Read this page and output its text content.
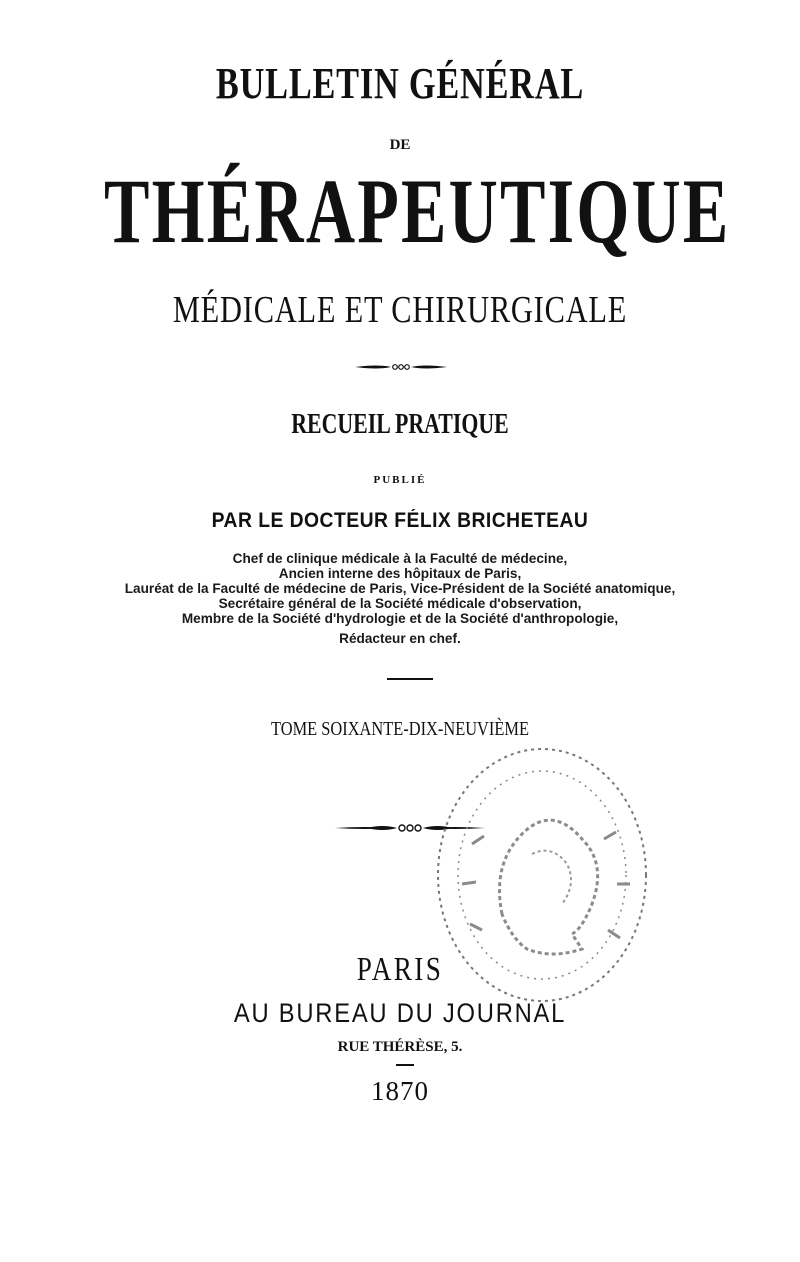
BULLETIN GÉNÉRAL
DE
THÉRAPEUTIQUE
MÉDICALE ET CHIRURGICALE
RECUEIL PRATIQUE
PUBLIÉ
PAR LE DOCTEUR FÉLIX BRICHETEAU
Chef de clinique médicale à la Faculté de médecine,
Ancien interne des hôpitaux de Paris,
Lauréat de la Faculté de médecine de Paris, Vice-Président de la Société anatomique,
Secrétaire général de la Société médicale d'observation,
Membre de la Société d'hydrologie et de la Société d'anthropologie,
Rédacteur en chef.
TOME SOIXANTE-DIX-NEUVIÈME
PARIS
AU BUREAU DU JOURNAL
RUE THÉRÈSE, 5.
1870
